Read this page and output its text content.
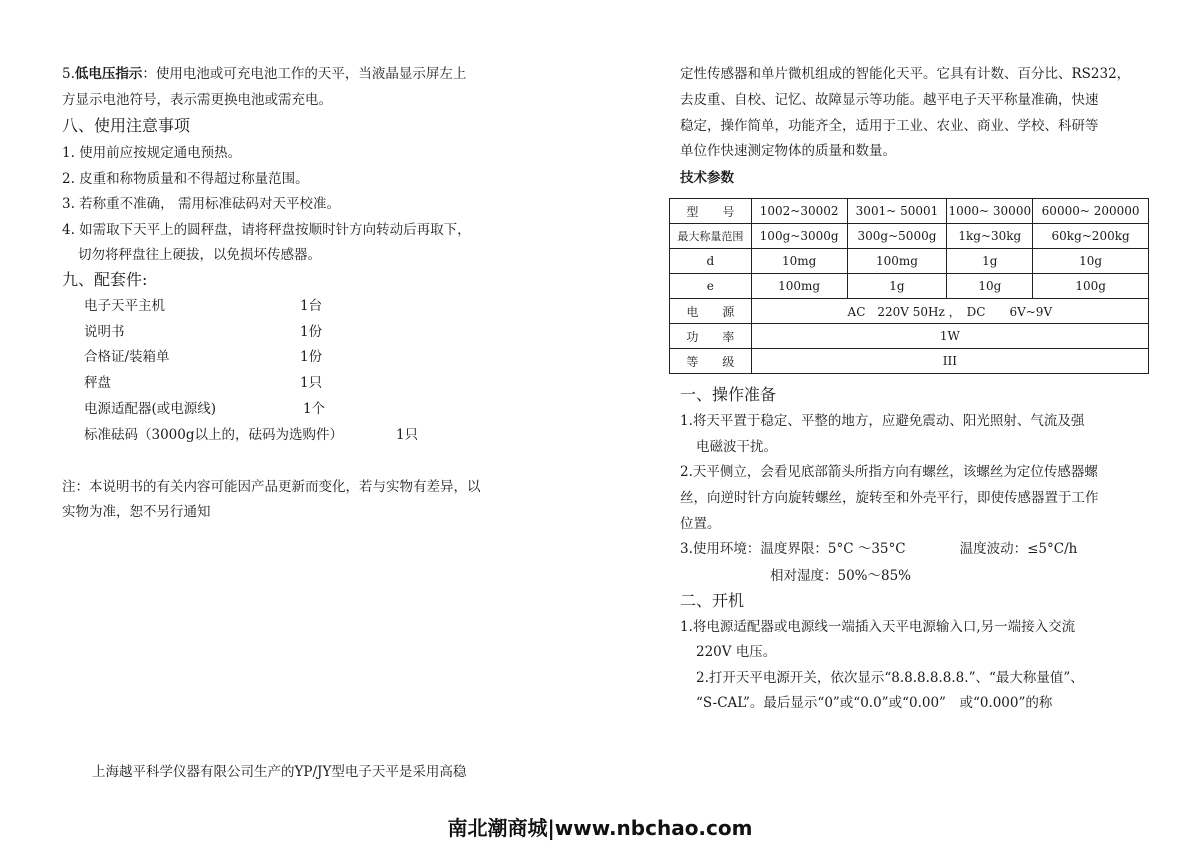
5.低电压指示：使用电池或可充电池工作的天平，当液晶显示屏左上
方显示电池符号，表示需更换电池或需充电。
八、使用注意事项
1. 使用前应按规定通电预热。
2. 皮重和称物质量和不得超过称量范围。
3. 若称重不准确， 需用标准砝码对天平校准。
4. 如需取下天平上的圆秤盘，请将秤盘按顺时针方向转动后再取下，
切勿将秤盘往上硬拔，以免损坏传感器。
九、配套件:
电子天平主机	1台
说明书	1份
合格证/装箱单	1份
秤盘	1只
电源适配器(或电源线)	1个
标准砝码（3000g以上的，砝码为选购件）	1只
注：本说明书的有关内容可能因产品更新而变化，若与实物有差异，以
实物为准，恕不另行通知
上海越平科学仪器有限公司生产的YP/JY型电子天平是采用高稳
定性传感器和单片微机组成的智能化天平。它具有计数、百分比、RS232，
去皮重、自校、记忆、故障显示等功能。越平电子天平称量准确，快速
稳定，操作简单，功能齐全，适用于工业、农业、商业、学校、科研等
单位作快速测定物体的质量和数量。
技术参数
型　　号	1002~30002	3001~ 50001	1000~ 30000	60000~ 200000
最大称量范围	100g~3000g	300g~5000g	1kg~30kg	60kg~200kg
d	10mg	100mg	1g	10g
e	100mg	1g	10g	100g
电　　源	AC　220V 50Hz ，　DC　　6V~9V			
功　　率	1W			
等　　级	III			
一、操作准备
1.将天平置于稳定、平整的地方，应避免震动、阳光照射、气流及强
电磁波干扰。
2.天平侧立，会看见底部箭头所指方向有螺丝，该螺丝为定位传感器螺
丝，向逆时针方向旋转螺丝，旋转至和外壳平行，即使传感器置于工作
位置。
3.使用环境：温度界限：5°C ～35°C　　　　温度波动：≤5°C/h
相对湿度：50%～85%
二、开机
1.将电源适配器或电源线一端插入天平电源输入口,另一端接入交流
220V 电压。
2.打开天平电源开关，依次显示“8.8.8.8.8.8.”、“最大称量值”、
“S-CAL”。最后显示“0”或“0.0”或“0.00”　或“0.000”的称
南北潮商城|www.nbchao.com
